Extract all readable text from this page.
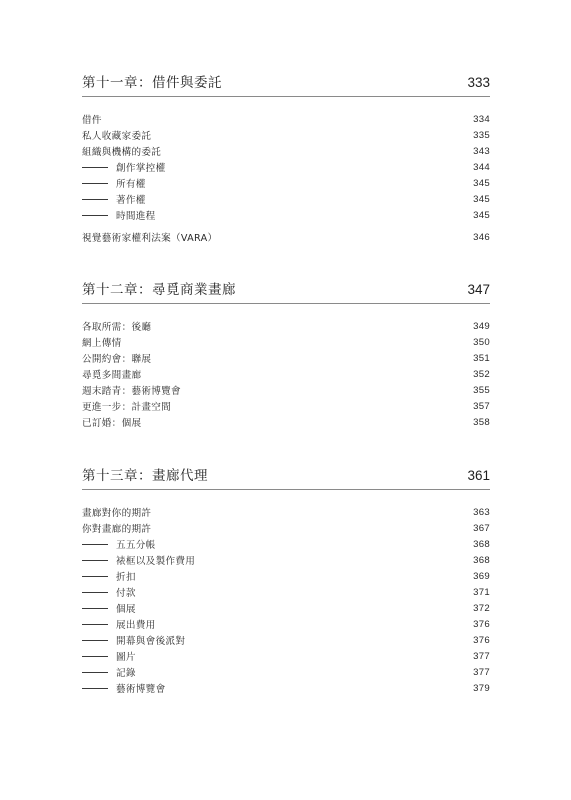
第十一章：借件與委託	333
借件	334
私人收藏家委託	335
組織與機構的委託	343
創作掌控權	344
所有權	345
著作權	345
時間進程	345
視覺藝術家權利法案（VARA）	346
第十二章：尋覓商業畫廊	347
各取所需：後廳	349
網上傳情	350
公開約會：聯展	351
尋覓多間畫廊	352
週末踏青：藝術博覽會	355
更進一步：計畫空間	357
已訂婚：個展	358
第十三章：畫廊代理	361
畫廊對你的期許	363
你對畫廊的期許	367
五五分帳	368
裱框以及製作費用	368
折扣	369
付款	371
個展	372
展出費用	376
開幕與會後派對	376
圖片	377
記錄	377
藝術博覽會	379
